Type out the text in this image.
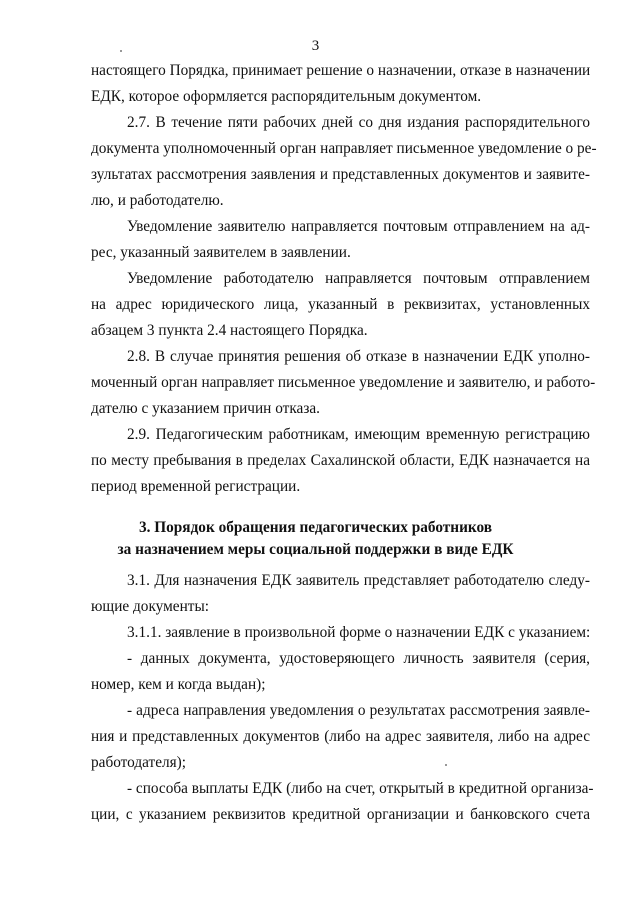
3
настоящего Порядка, принимает решение о назначении, отказе в назначении
ЕДК, которое оформляется распорядительным документом.
2.7. В течение пяти рабочих дней со дня издания распорядительного
документа уполномоченный орган направляет письменное уведомление о ре-
зультатах рассмотрения заявления и представленных документов и заявите-
лю, и работодателю.
Уведомление заявителю направляется почтовым отправлением на ад-
рес, указанный заявителем в заявлении.
Уведомление работодателю направляется почтовым отправлением
на адрес юридического лица, указанный в реквизитах, установленных
абзацем 3 пункта 2.4 настоящего Порядка.
2.8. В случае принятия решения об отказе в назначении ЕДК уполно-
моченный орган направляет письменное уведомление и заявителю, и работо-
дателю с указанием причин отказа.
2.9. Педагогическим работникам, имеющим временную регистрацию
по месту пребывания в пределах Сахалинской области, ЕДК назначается на
период временной регистрации.
3. Порядок обращения педагогических работников
за назначением меры социальной поддержки в виде ЕДК
3.1. Для назначения ЕДК заявитель представляет работодателю следу-
ющие документы:
3.1.1. заявление в произвольной форме о назначении ЕДК с указанием:
- данных документа, удостоверяющего личность заявителя (серия,
номер, кем и когда выдан);
- адреса направления уведомления о результатах рассмотрения заявле-
ния и представленных документов (либо на адрес заявителя, либо на адрес
работодателя);
- способа выплаты ЕДК (либо на счет, открытый в кредитной организа-
ции, с указанием реквизитов кредитной организации и банковского счета
